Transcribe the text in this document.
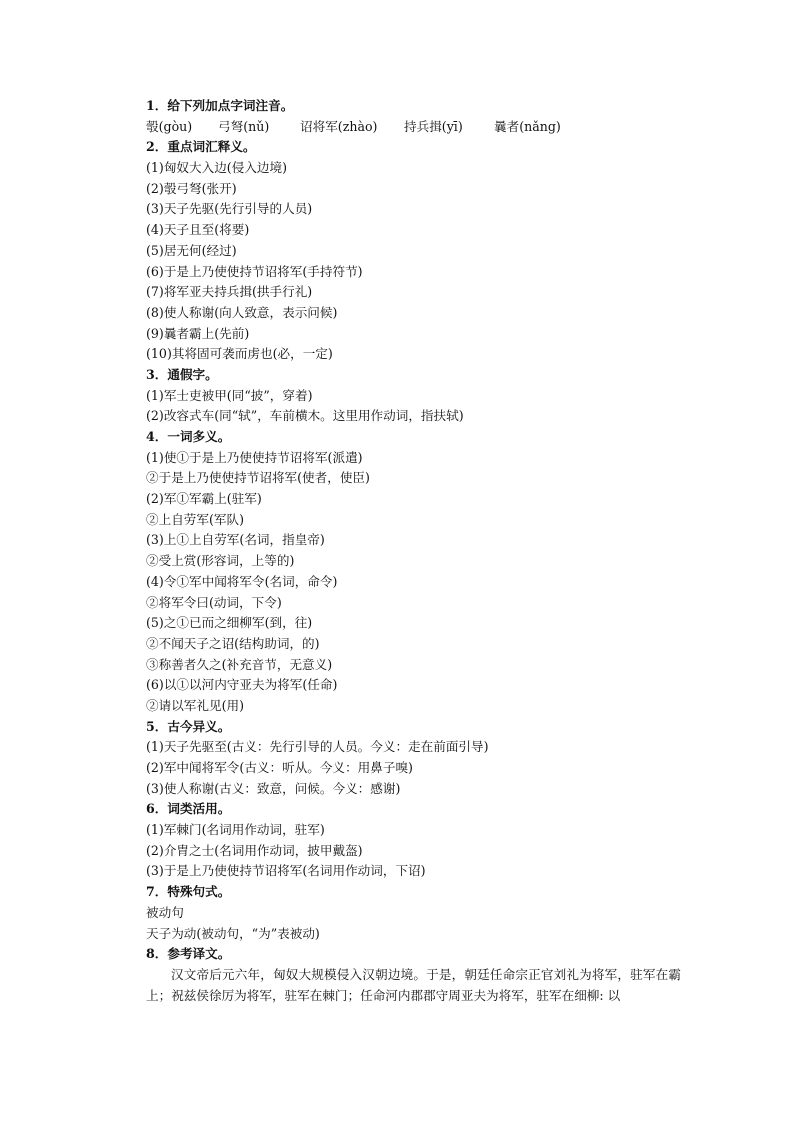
1．给下列加点字词注音。
彀(gòu)	弓弩(nǔ)	诏将军(zhào)	持兵揖(yī)	曩者(nǎng)
2．重点词汇释义。
(1)匈奴大入边(侵入边境)
(2)彀弓弩(张开)
(3)天子先驱(先行引导的人员)
(4)天子且至(将要)
(5)居无何(经过)
(6)于是上乃使使持节诏将军(手持符节)
(7)将军亚夫持兵揖(拱手行礼)
(8)使人称谢(向人致意，表示问候)
(9)曩者霸上(先前)
(10)其将固可袭而虏也(必，一定)
3．通假字。
(1)军士吏被甲(同“披”，穿着)
(2)改容式车(同“轼”，车前横木。这里用作动词，指扶轼)
4．一词多义。
(1)使①于是上乃使使持节诏将军(派遣)
②于是上乃使使持节诏将军(使者，使臣)
(2)军①军霸上(驻军)
②上自劳军(军队)
(3)上①上自劳军(名词，指皇帝)
②受上赏(形容词，上等的)
(4)令①军中闻将军令(名词，命令)
②将军令曰(动词，下令)
(5)之①已而之细柳军(到，往)
②不闻天子之诏(结构助词，的)
③称善者久之(补充音节，无意义)
(6)以①以河内守亚夫为将军(任命)
②请以军礼见(用)
5．古今异义。
(1)天子先驱至(古义：先行引导的人员。今义：走在前面引导)
(2)军中闻将军令(古义：听从。今义：用鼻子嗅)
(3)使人称谢(古义：致意，问候。今义：感谢)
6．词类活用。
(1)军棘门(名词用作动词，驻军)
(2)介胄之士(名词用作动词，披甲戴盔)
(3)于是上乃使使持节诏将军(名词用作动词，下诏)
7．特殊句式。
被动句
天子为动(被动句，“为”表被动)
8．参考译文。
汉文帝后元六年，匈奴大规模侵入汉朝边境。于是，朝廷任命宗正官刘礼为将军，驻军在霸上；祝兹侯徐厉为将军，驻军在棘门；任命河内郡郡守周亚夫为将军，驻军在细柳: 以
